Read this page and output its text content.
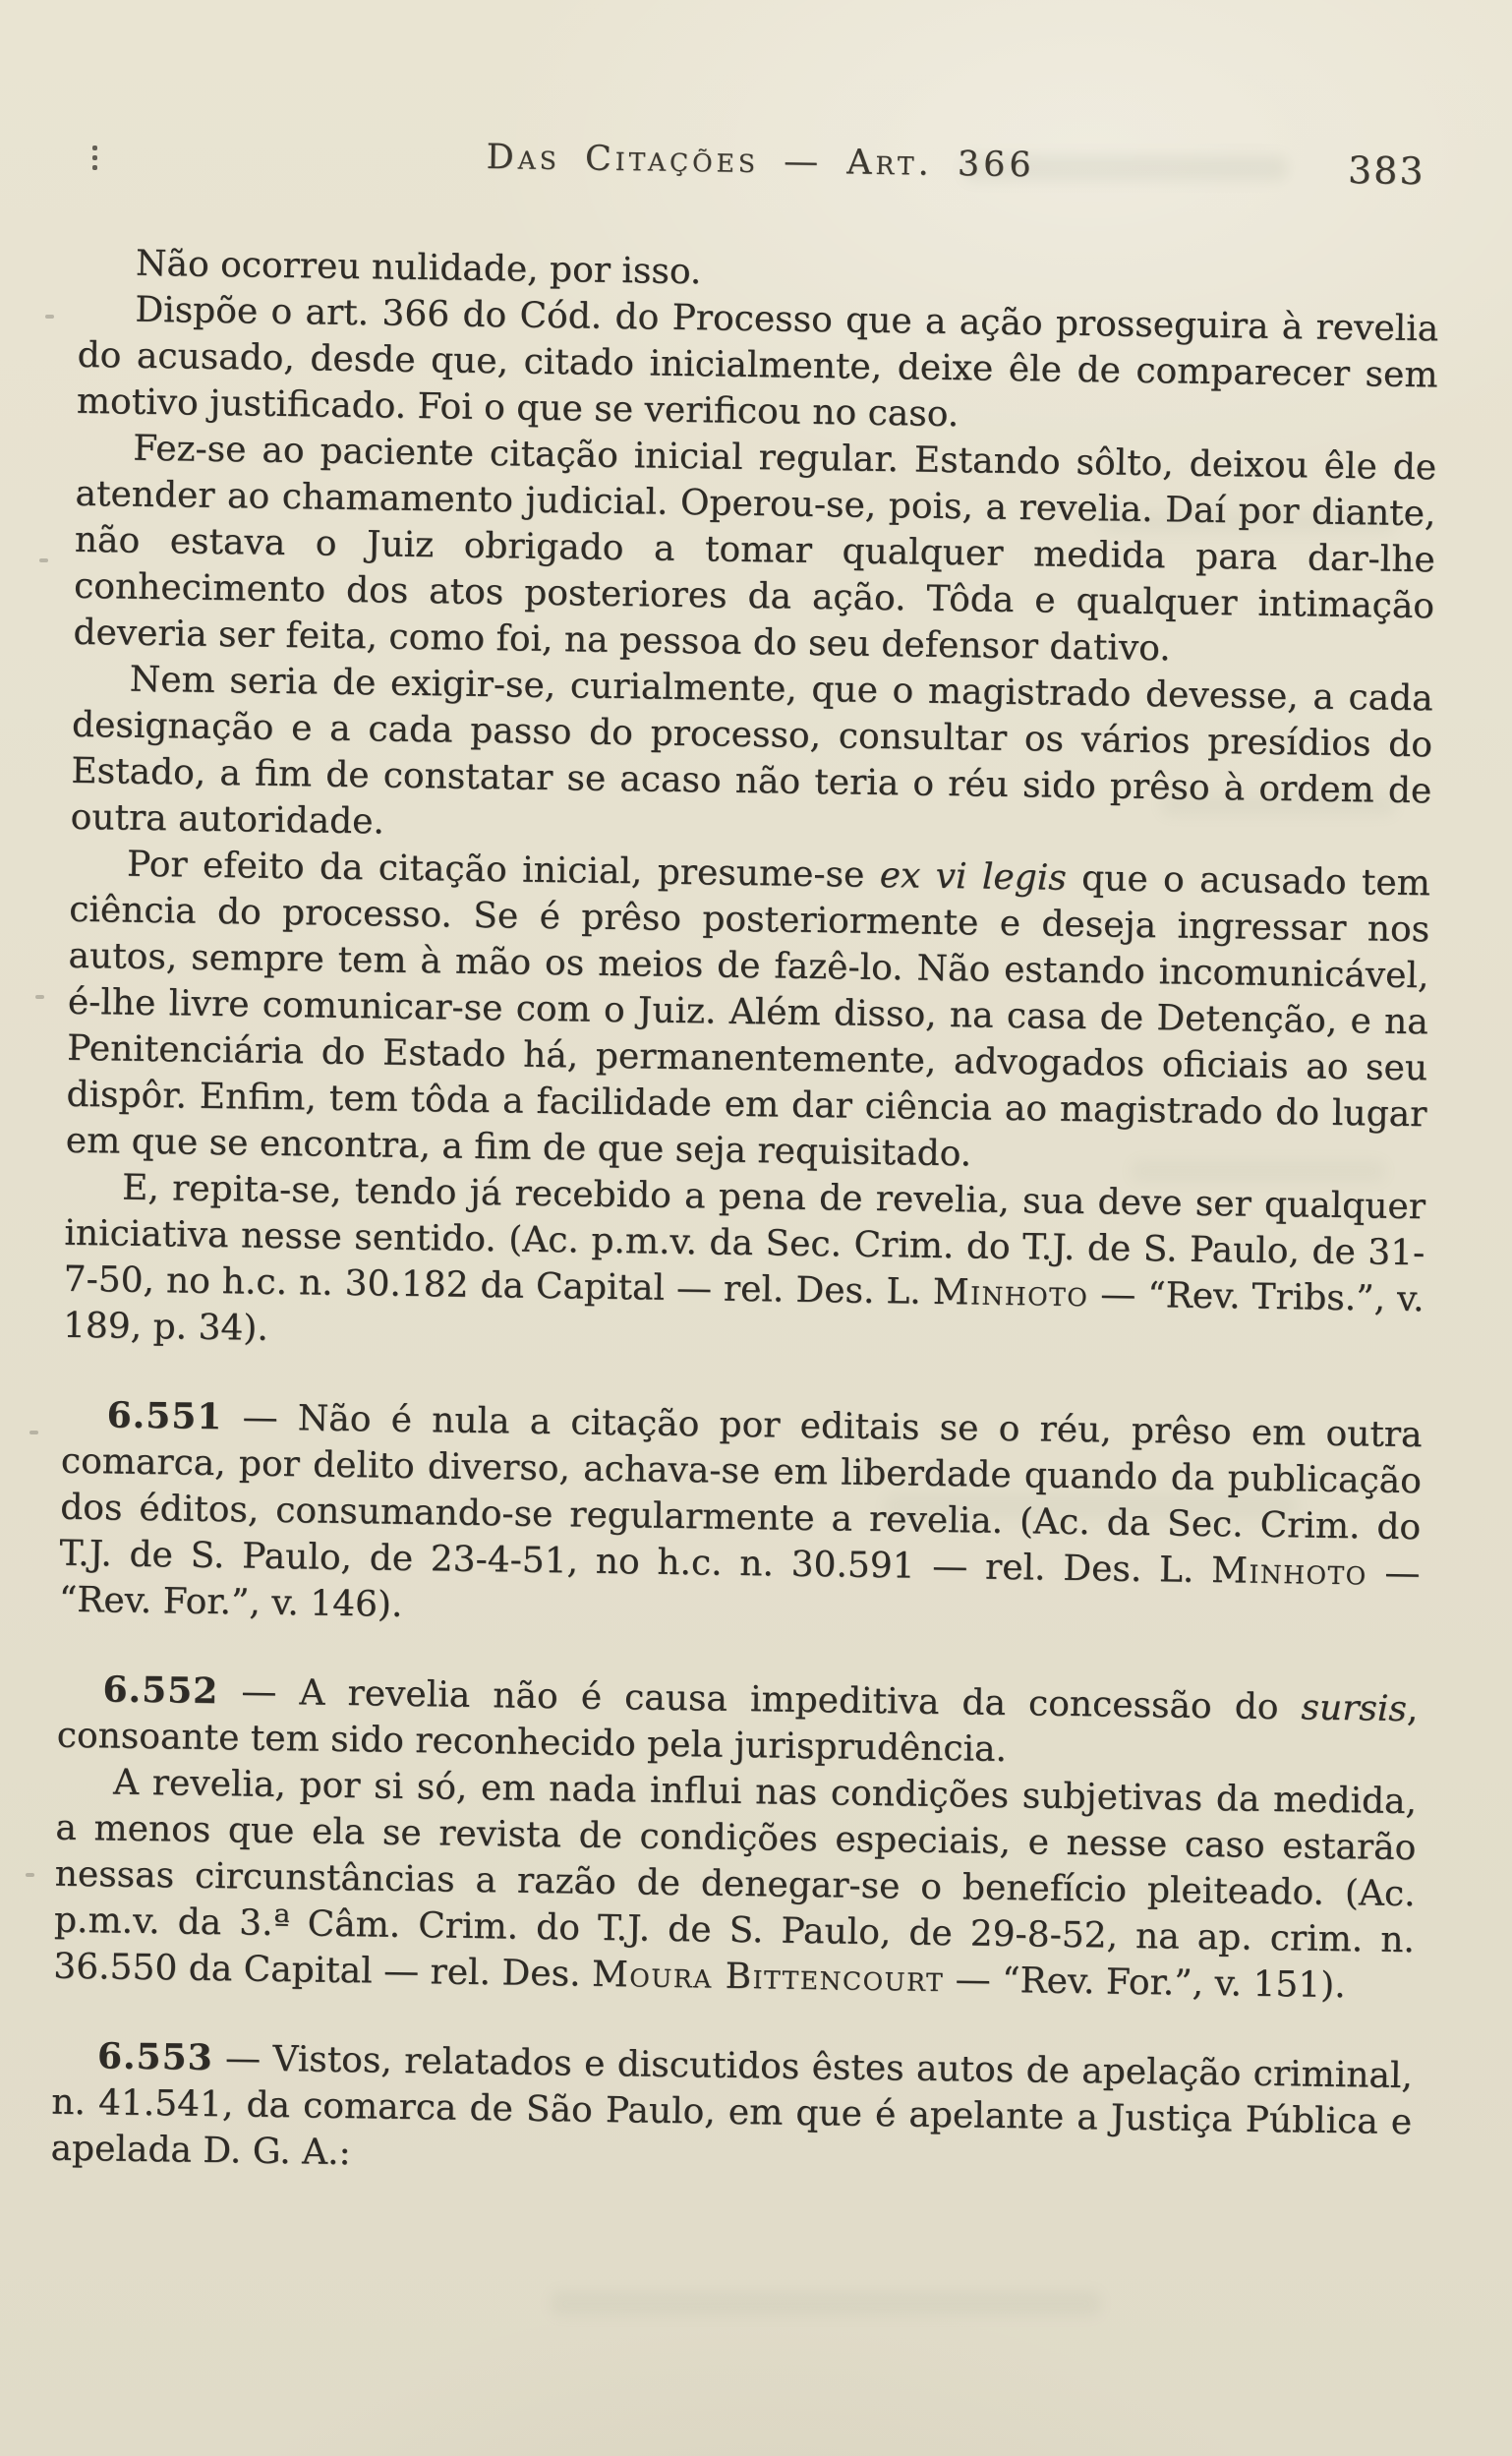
Das Citações — Art. 366	383

Não ocorreu nulidade, por isso.

Dispõe o art. 366 do Cód. do Processo que a ação prosseguira à revelia do acusado, desde que, citado inicialmente, deixe êle de comparecer sem motivo justificado. Foi o que se verificou no caso.

Fez-se ao paciente citação inicial regular. Estando sôlto, deixou êle de atender ao chamamento judicial. Operou-se, pois, a revelia. Daí por diante, não estava o Juiz obrigado a tomar qualquer medida para dar-lhe conhecimento dos atos posteriores da ação. Tôda e qualquer intimação deveria ser feita, como foi, na pessoa do seu defensor dativo.

Nem seria de exigir-se, curialmente, que o magistrado devesse, a cada designação e a cada passo do processo, consultar os vários presídios do Estado, a fim de constatar se acaso não teria o réu sido prêso à ordem de outra autoridade.

Por efeito da citação inicial, presume-se ex vi legis que o acusado tem ciência do processo. Se é prêso posteriormente e deseja ingressar nos autos, sempre tem à mão os meios de fazê-lo. Não estando incomunicável, é-lhe livre comunicar-se com o Juiz. Além disso, na casa de Detenção, e na Penitenciária do Estado há, permanentemente, advogados oficiais ao seu dispôr. Enfim, tem tôda a facilidade em dar ciência ao magistrado do lugar em que se encontra, a fim de que seja requisitado.

E, repita-se, tendo já recebido a pena de revelia, sua deve ser qualquer iniciativa nesse sentido. (Ac. p.m.v. da Sec. Crim. do T.J. de S. Paulo, de 31-7-50, no h.c. n. 30.182 da Capital — rel. Des. L. Minhoto — “Rev. Tribs.”, v. 189, p. 34).

6.551 — Não é nula a citação por editais se o réu, prêso em outra comarca, por delito diverso, achava-se em liberdade quando da publicação dos éditos, consumando-se regularmente a revelia. (Ac. da Sec. Crim. do T.J. de S. Paulo, de 23-4-51, no h.c. n. 30.591 — rel. Des. L. Minhoto — “Rev. For.”, v. 146).

6.552 — A revelia não é causa impeditiva da concessão do sursis, consoante tem sido reconhecido pela jurisprudência.

A revelia, por si só, em nada influi nas condições subjetivas da medida, a menos que ela se revista de condições especiais, e nesse caso estarão nessas circunstâncias a razão de denegar-se o benefício pleiteado. (Ac. p.m.v. da 3.ª Câm. Crim. do T.J. de S. Paulo, de 29-8-52, na ap. crim. n. 36.550 da Capital — rel. Des. Moura Bittencourt — “Rev. For.”, v. 151).

6.553 — Vistos, relatados e discutidos êstes autos de apelação criminal, n. 41.541, da comarca de São Paulo, em que é apelante a Justiça Pública e apelada D. G. A.:
